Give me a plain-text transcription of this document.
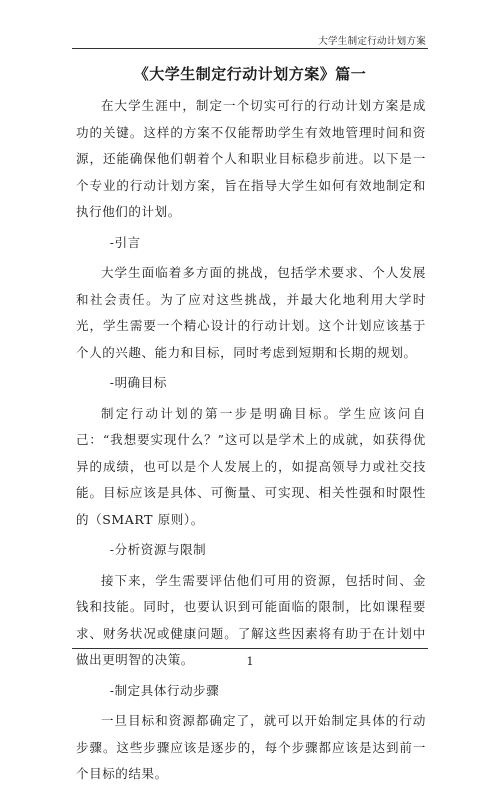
大学生制定行动计划方案
《大学生制定行动计划方案》篇一

在大学生涯中，制定一个切实可行的行动计划方案是成功的关键。这样的方案不仅能帮助学生有效地管理时间和资源，还能确保他们朝着个人和职业目标稳步前进。以下是一个专业的行动计划方案，旨在指导大学生如何有效地制定和执行他们的计划。

-引言

大学生面临着多方面的挑战，包括学术要求、个人发展和社会责任。为了应对这些挑战，并最大化地利用大学时光，学生需要一个精心设计的行动计划。这个计划应该基于个人的兴趣、能力和目标，同时考虑到短期和长期的规划。

-明确目标

制定行动计划的第一步是明确目标。学生应该问自己：“我想要实现什么？”这可以是学术上的成就，如获得优异的成绩，也可以是个人发展上的，如提高领导力或社交技能。目标应该是具体、可衡量、可实现、相关性强和时限性的（SMART 原则）。

-分析资源与限制

接下来，学生需要评估他们可用的资源，包括时间、金钱和技能。同时，也要认识到可能面临的限制，比如课程要求、财务状况或健康问题。了解这些因素将有助于在计划中做出更明智的决策。

-制定具体行动步骤

一旦目标和资源都确定了，就可以开始制定具体的行动步骤。这些步骤应该是逐步的，每个步骤都应该是达到前一个目标的结果。

1
